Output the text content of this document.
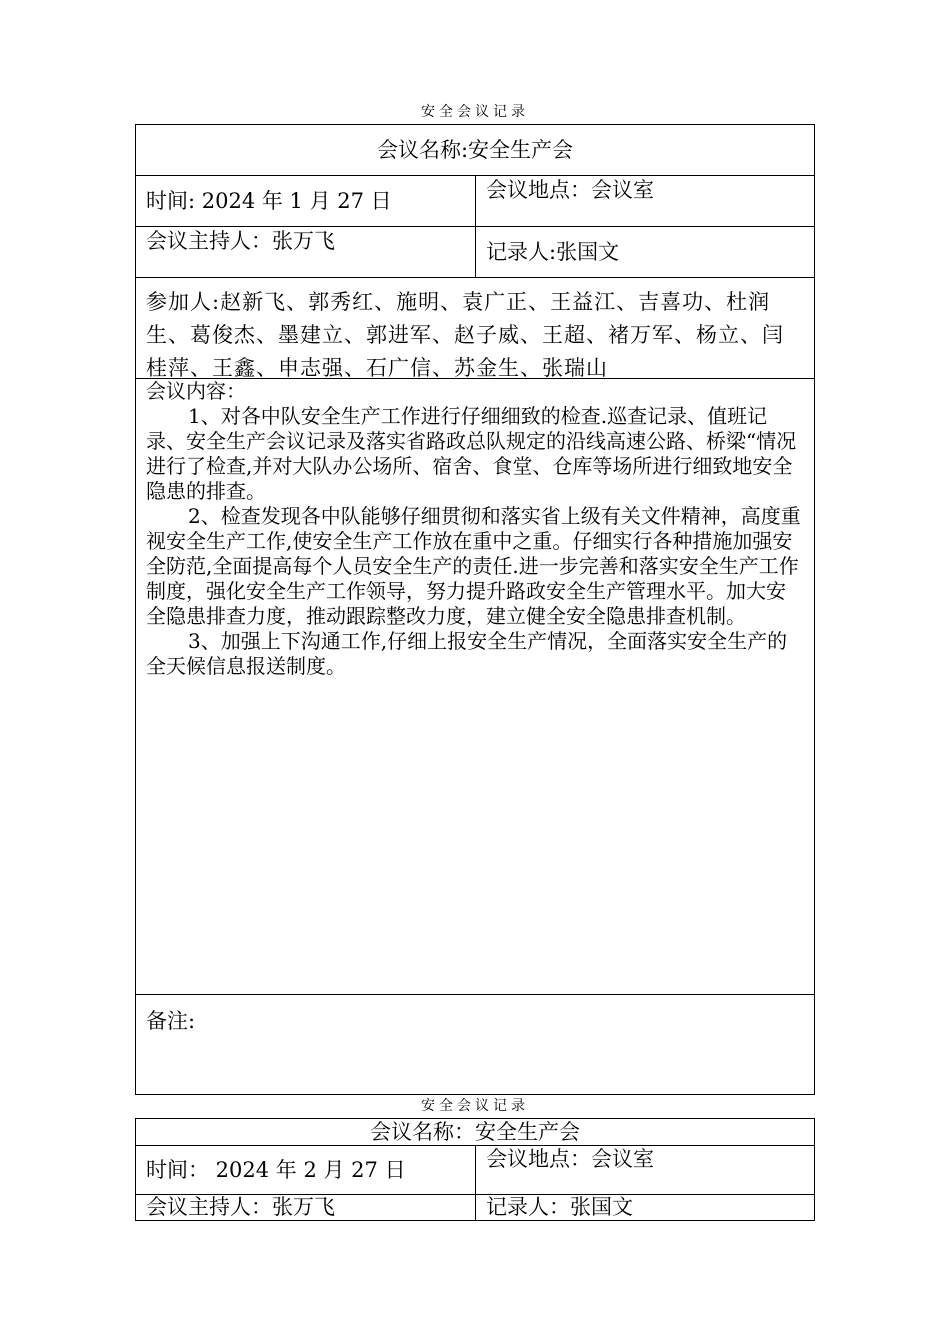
安全会议记录
会议名称:安全生产会
时间: 2024 年 1 月 27 日	会议地点：会议室
会议主持人：张万飞	记录人:张国文
参加人:赵新飞、郭秀红、施明、袁广正、王益江、吉喜功、杜润生、葛俊杰、墨建立、郭进军、赵子威、王超、褚万军、杨立、闫桂萍、王鑫、申志强、石广信、苏金生、张瑞山
会议内容：
1、对各中队安全生产工作进行仔细细致的检查.巡查记录、值班记录、安全生产会议记录及落实省路政总队规定的沿线高速公路、桥梁“情况进行了检查,并对大队办公场所、宿舍、食堂、仓库等场所进行细致地安全隐患的排查。
2、检查发现各中队能够仔细贯彻和落实省上级有关文件精神，高度重视安全生产工作,使安全生产工作放在重中之重。仔细实行各种措施加强安全防范,全面提高每个人员安全生产的责任.进一步完善和落实安全生产工作制度，强化安全生产工作领导，努力提升路政安全生产管理水平。加大安全隐患排查力度，推动跟踪整改力度，建立健全安全隐患排查机制。
3、加强上下沟通工作,仔细上报安全生产情况，全面落实安全生产的全天候信息报送制度。
备注:
安全会议记录
会议名称：安全生产会
时间： 2024 年 2 月 27 日	会议地点：会议室
会议主持人：张万飞	记录人：张国文
